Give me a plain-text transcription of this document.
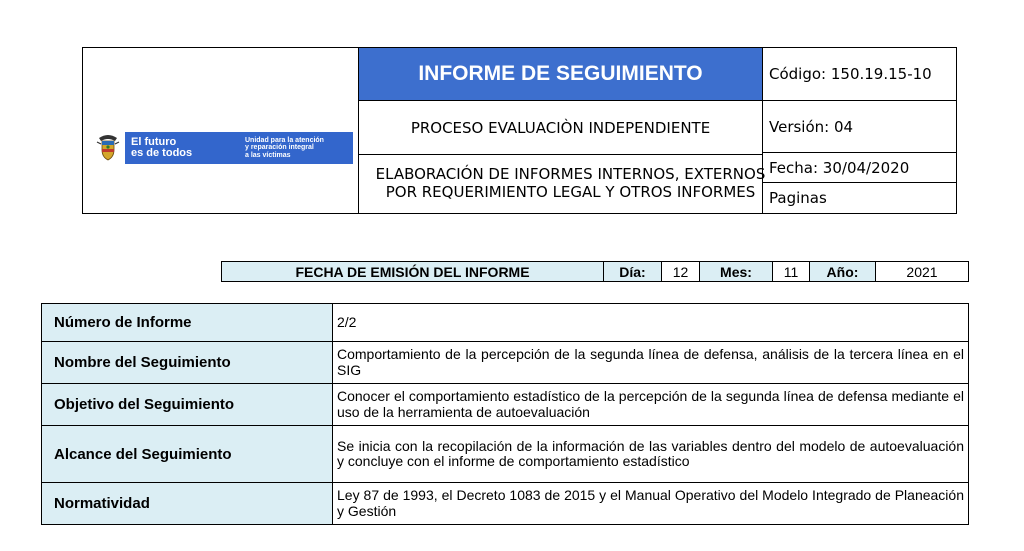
El futuro
es de todos
Unidad para la atención
y reparación integral
a las víctimas
INFORME DE SEGUIMIENTO
PROCESO EVALUACIÒN INDEPENDIENTE
ELABORACIÓN DE INFORMES INTERNOS, EXTERNOS POR REQUERIMIENTO LEGAL Y OTROS INFORMES
Código: 150.19.15-10
Versión: 04
Fecha: 30/04/2020
Paginas
FECHA DE EMISIÓN DEL INFORME	Día:	12	Mes:	11	Año:	2021
Número de Informe	2/2
Nombre del Seguimiento	Comportamiento de la percepción de la segunda línea de defensa, análisis de la tercera línea en el SIG
Objetivo del Seguimiento	Conocer el comportamiento estadístico de la percepción de la segunda línea de defensa mediante el uso de la herramienta de autoevaluación
Alcance del Seguimiento	Se inicia con la recopilación de la información de las variables dentro del modelo de autoevaluación y concluye con el informe de comportamiento estadístico
Normatividad	Ley 87 de 1993, el Decreto 1083 de 2015 y el Manual Operativo del Modelo Integrado de Planeación y Gestión
